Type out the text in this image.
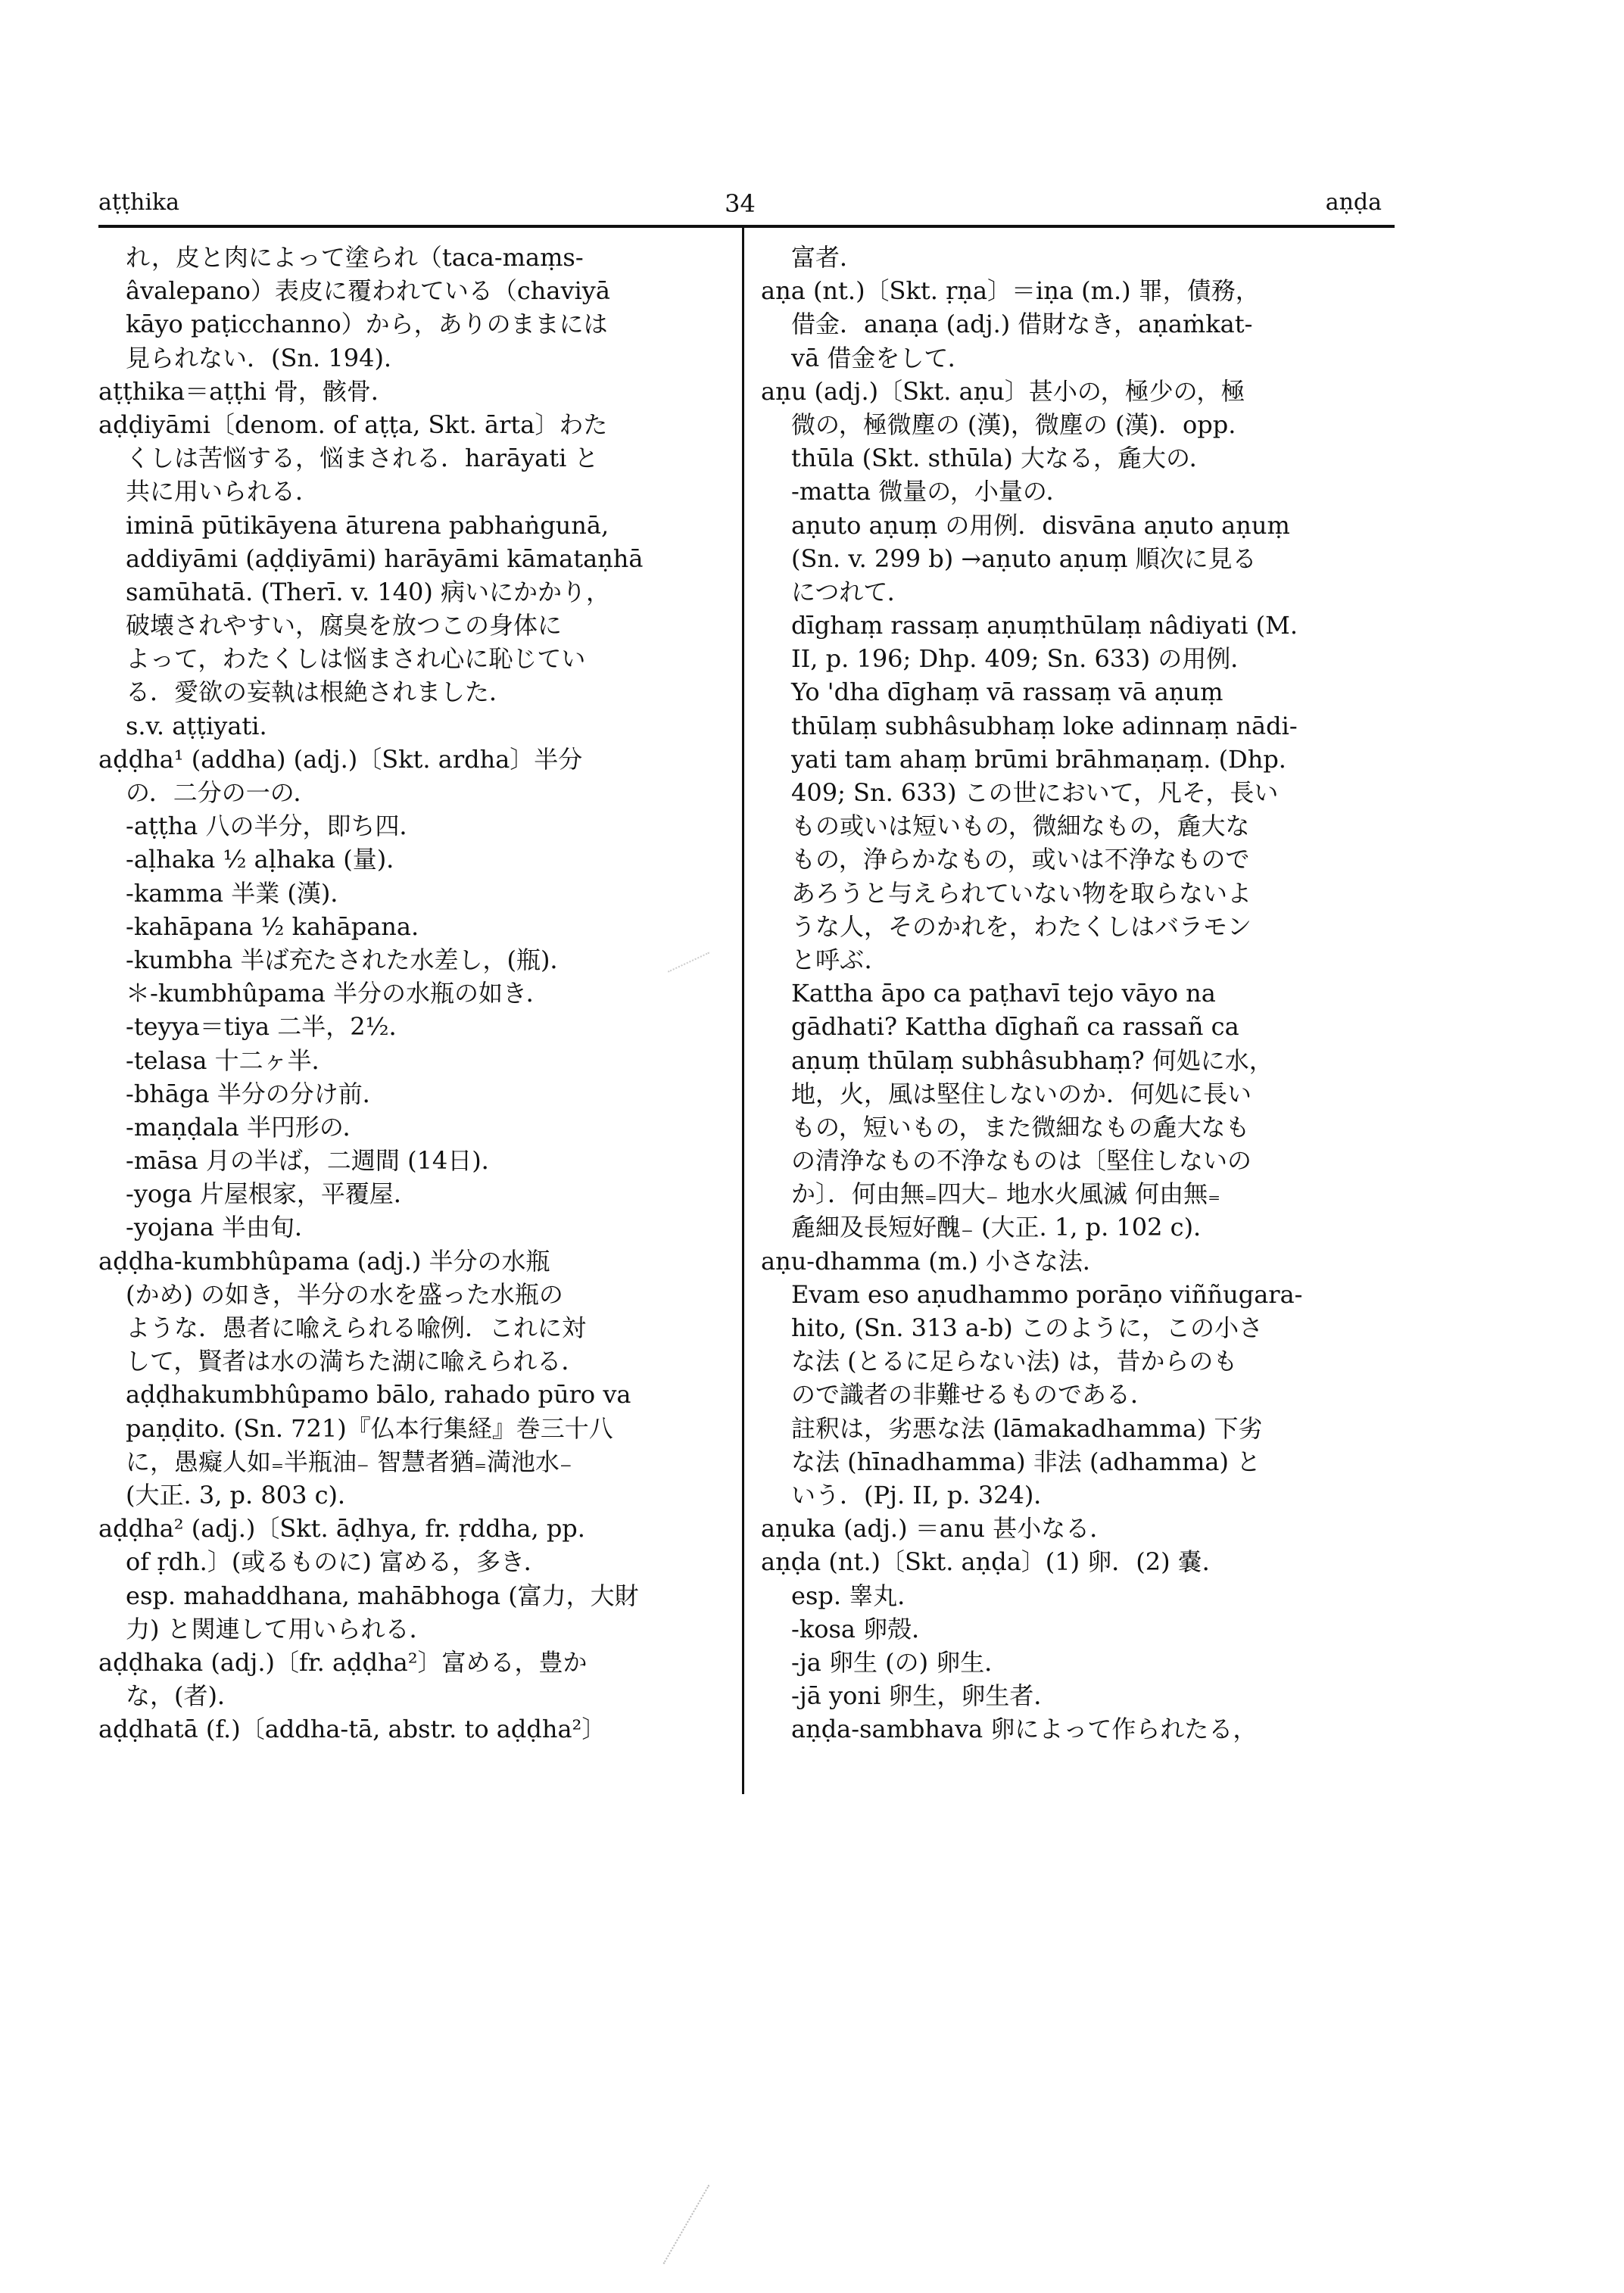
aṭṭhika	34	aṇḍa
れ，皮と肉によって塗られ（taca-maṃs-
âvalepano）表皮に覆われている（chaviyā
kāyo paṭicchanno）から，ありのままには
見られない．(Sn. 194).
aṭṭhika＝aṭṭhi 骨，骸骨．
aḍḍiyāmi〔denom. of aṭṭa, Skt. ārta〕わた
くしは苦悩する，悩まされる．harāyati と
共に用いられる．
iminā pūtikāyena āturena pabhaṅgunā,
addiyāmi (aḍḍiyāmi) harāyāmi kāmataṇhā
samūhatā. (Therī. v. 140) 病いにかかり，
破壊されやすい，腐臭を放つこの身体に
よって，わたくしは悩まされ心に恥じてい
る．愛欲の妄執は根絶されました．
s.v. aṭṭiyati.
aḍḍha¹ (addha) (adj.)〔Skt. ardha〕半分
の．二分の一の．
-aṭṭha 八の半分，即ち四．
-aḷhaka ½ aḷhaka (量)．
-kamma 半業 (漢)．
-kahāpana ½ kahāpana.
-kumbha 半ば充たされた水差し，(瓶)．
＊-kumbhûpama 半分の水瓶の如き．
-teyya＝tiya 二半，2½．
-telasa 十二ヶ半．
-bhāga 半分の分け前．
-maṇḍala 半円形の．
-māsa 月の半ば，二週間 (14日)．
-yoga 片屋根家，平覆屋．
-yojana 半由旬．
aḍḍha-kumbhûpama (adj.) 半分の水瓶
(かめ) の如き，半分の水を盛った水瓶の
ような．愚者に喩えられる喩例．これに対
して，賢者は水の満ちた湖に喩えられる．
aḍḍhakumbhûpamo bālo, rahado pūro va
paṇḍito. (Sn. 721)『仏本行集経』巻三十八
に，愚癡人如₌半瓶油₋ 智慧者猶₌満池水₋
(大正. 3, p. 803 c)．
aḍḍha² (adj.)〔Skt. āḍhya, fr. ṛddha, pp.
of ṛdh.〕(或るものに) 富める，多き．
esp. mahaddhana, mahābhoga (富力，大財
力) と関連して用いられる．
aḍḍhaka (adj.)〔fr. aḍḍha²〕富める，豊か
な，(者)．
aḍḍhatā (f.)〔addha-tā, abstr. to aḍḍha²〕
富者．
aṇa (nt.)〔Skt. ṛṇa〕＝iṇa (m.) 罪，債務，
借金．anaṇa (adj.) 借財なき，aṇaṁkat-
vā 借金をして．
aṇu (adj.)〔Skt. aṇu〕甚小の，極少の，極
微の，極微塵の (漢)，微塵の (漢)．opp.
thūla (Skt. sthūla) 大なる，麁大の．
-matta 微量の，小量の．
aṇuto aṇuṃ の用例．disvāna aṇuto aṇuṃ
(Sn. v. 299 b) →aṇuto aṇuṃ 順次に見る
につれて．
dīghaṃ rassaṃ aṇuṃthūlaṃ nâdiyati (M.
II, p. 196; Dhp. 409; Sn. 633) の用例．
Yo 'dha dīghaṃ vā rassaṃ vā aṇuṃ
thūlaṃ subhâsubhaṃ loke adinnaṃ nādi-
yati tam ahaṃ brūmi brāhmaṇaṃ. (Dhp.
409; Sn. 633) この世において，凡そ，長い
もの或いは短いもの，微細なもの，麁大な
もの，浄らかなもの，或いは不浄なもので
あろうと与えられていない物を取らないよ
うな人，そのかれを，わたくしはバラモン
と呼ぶ．
Kattha āpo ca paṭhavī tejo vāyo na
gādhati? Kattha dīghañ ca rassañ ca
aṇuṃ thūlaṃ subhâsubhaṃ? 何処に水，
地，火，風は堅住しないのか．何処に長い
もの，短いもの，また微細なもの麁大なも
の清浄なもの不浄なものは〔堅住しないの
か〕．何由無₌四大₋ 地水火風滅 何由無₌
麁細及長短好醜₋ (大正. 1, p. 102 c)．
aṇu-dhamma (m.) 小さな法．
Evam eso aṇudhammo porāṇo viññugara-
hito, (Sn. 313 a-b) このように，この小さ
な法 (とるに足らない法) は，昔からのも
ので識者の非難せるものである．
註釈は，劣悪な法 (lāmakadhamma) 下劣
な法 (hīnadhamma) 非法 (adhamma) と
いう．(Pj. II, p. 324)．
aṇuka (adj.) ＝anu 甚小なる．
aṇḍa (nt.)〔Skt. aṇḍa〕(1) 卵．(2) 嚢．
esp. 睾丸．
-kosa 卵殻．
-ja 卵生 (の) 卵生．
-jā yoni 卵生，卵生者．
aṇḍa-sambhava 卵によって作られたる，
